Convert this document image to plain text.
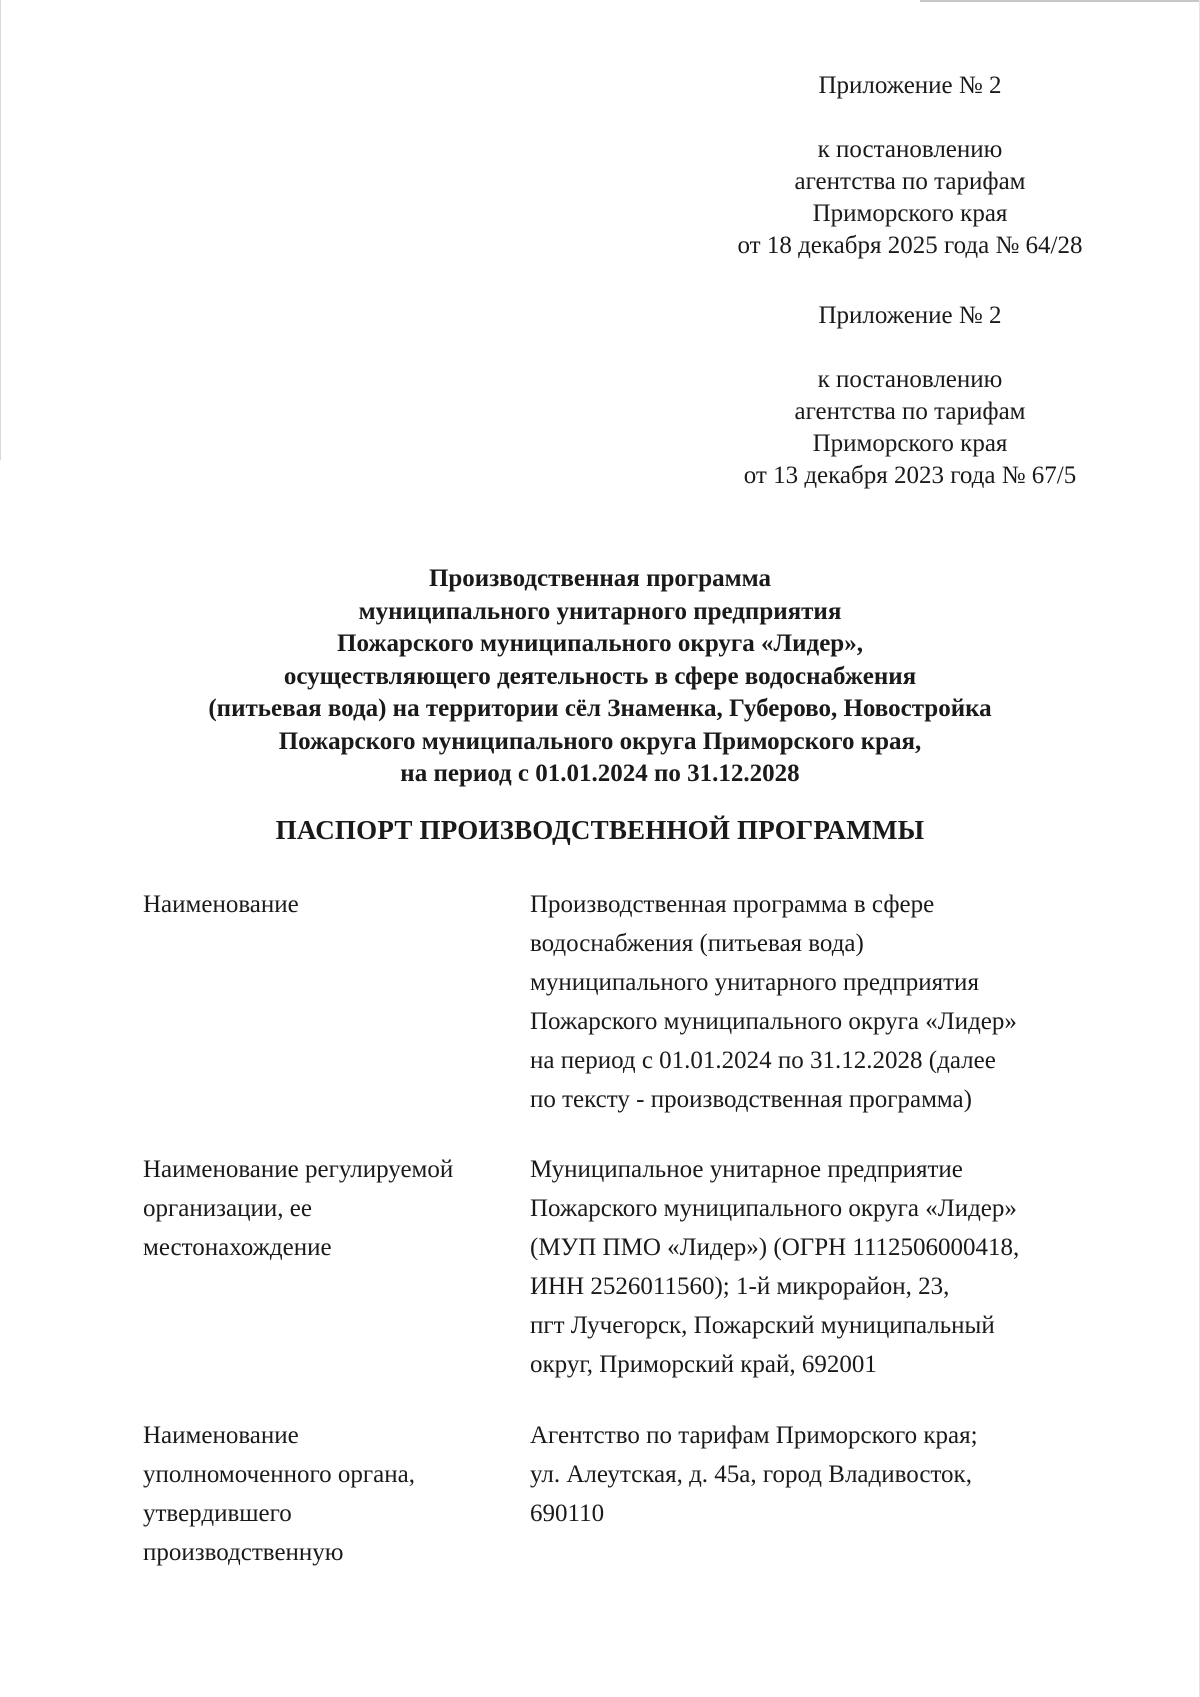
Приложение № 2
к постановлению
агентства по тарифам
Приморского края
от 18 декабря 2025 года № 64/28
Приложение № 2
к постановлению
агентства по тарифам
Приморского края
от 13 декабря 2023 года № 67/5
Производственная программа
муниципального унитарного предприятия
Пожарского муниципального округа «Лидер»,
осуществляющего деятельность в сфере водоснабжения
(питьевая вода) на территории сёл Знаменка, Губерово, Новостройка
Пожарского муниципального округа Приморского края,
на период с 01.01.2024 по 31.12.2028
ПАСПОРТ ПРОИЗВОДСТВЕННОЙ ПРОГРАММЫ
Наименование	Производственная программа в сфере
водоснабжения (питьевая вода)
муниципального унитарного предприятия
Пожарского муниципального округа «Лидер»
на период с 01.01.2024 по 31.12.2028 (далее
по тексту - производственная программа)
Наименование регулируемой
организации, ее
местонахождение
Муниципальное унитарное предприятие
Пожарского муниципального округа «Лидер»
(МУП ПМО «Лидер») (ОГРН 1112506000418,
ИНН 2526011560); 1-й микрорайон, 23,
пгт Лучегорск, Пожарский муниципальный
округ, Приморский край, 692001
Наименование
уполномоченного органа,
утвердившего
производственную
Агентство по тарифам Приморского края;
ул. Алеутская, д. 45а, город Владивосток,
690110
